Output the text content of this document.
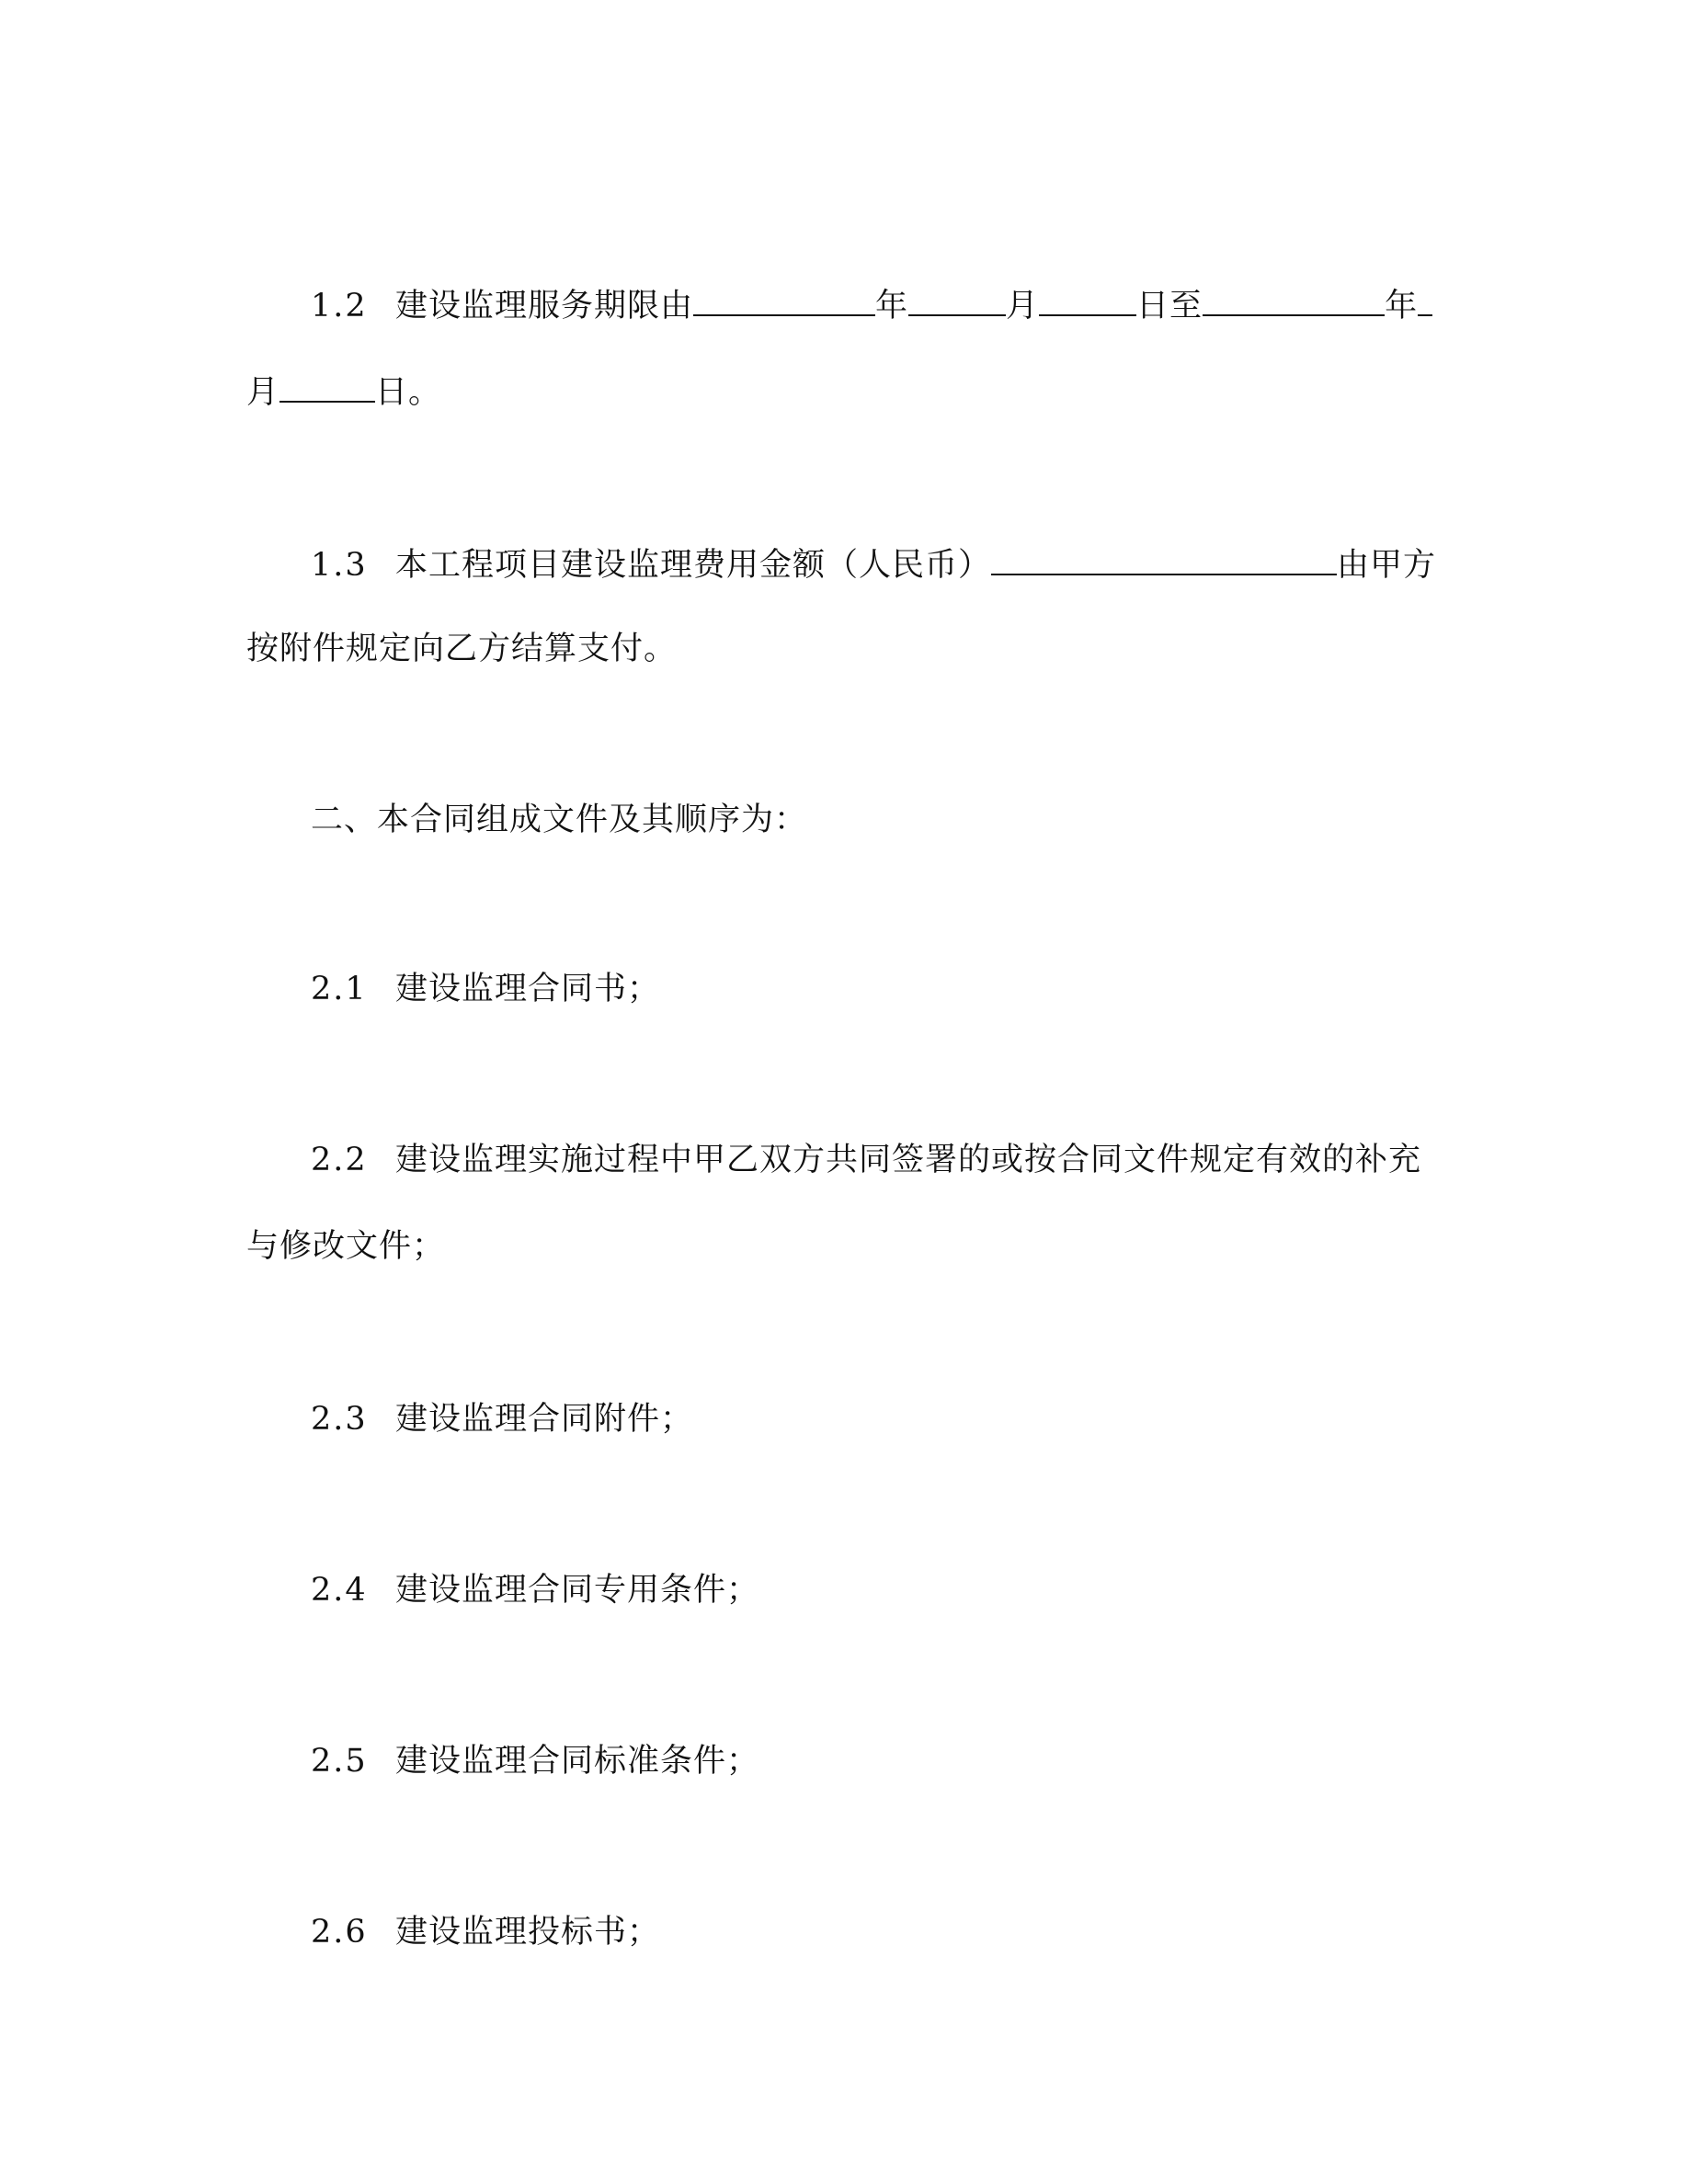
1.2 建设监理服务期限由	年	月	日至	年
月	日。
1.3 本工程项目建设监理费用金额（人民币）	由甲方
按附件规定向乙方结算支付。
二、本合同组成文件及其顺序为：
2.1 建设监理合同书；
2.2 建设监理实施过程中甲乙双方共同签署的或按合同文件规定有效的补充
与修改文件；
2.3 建设监理合同附件；
2.4 建设监理合同专用条件；
2.5 建设监理合同标准条件；
2.6 建设监理投标书；
